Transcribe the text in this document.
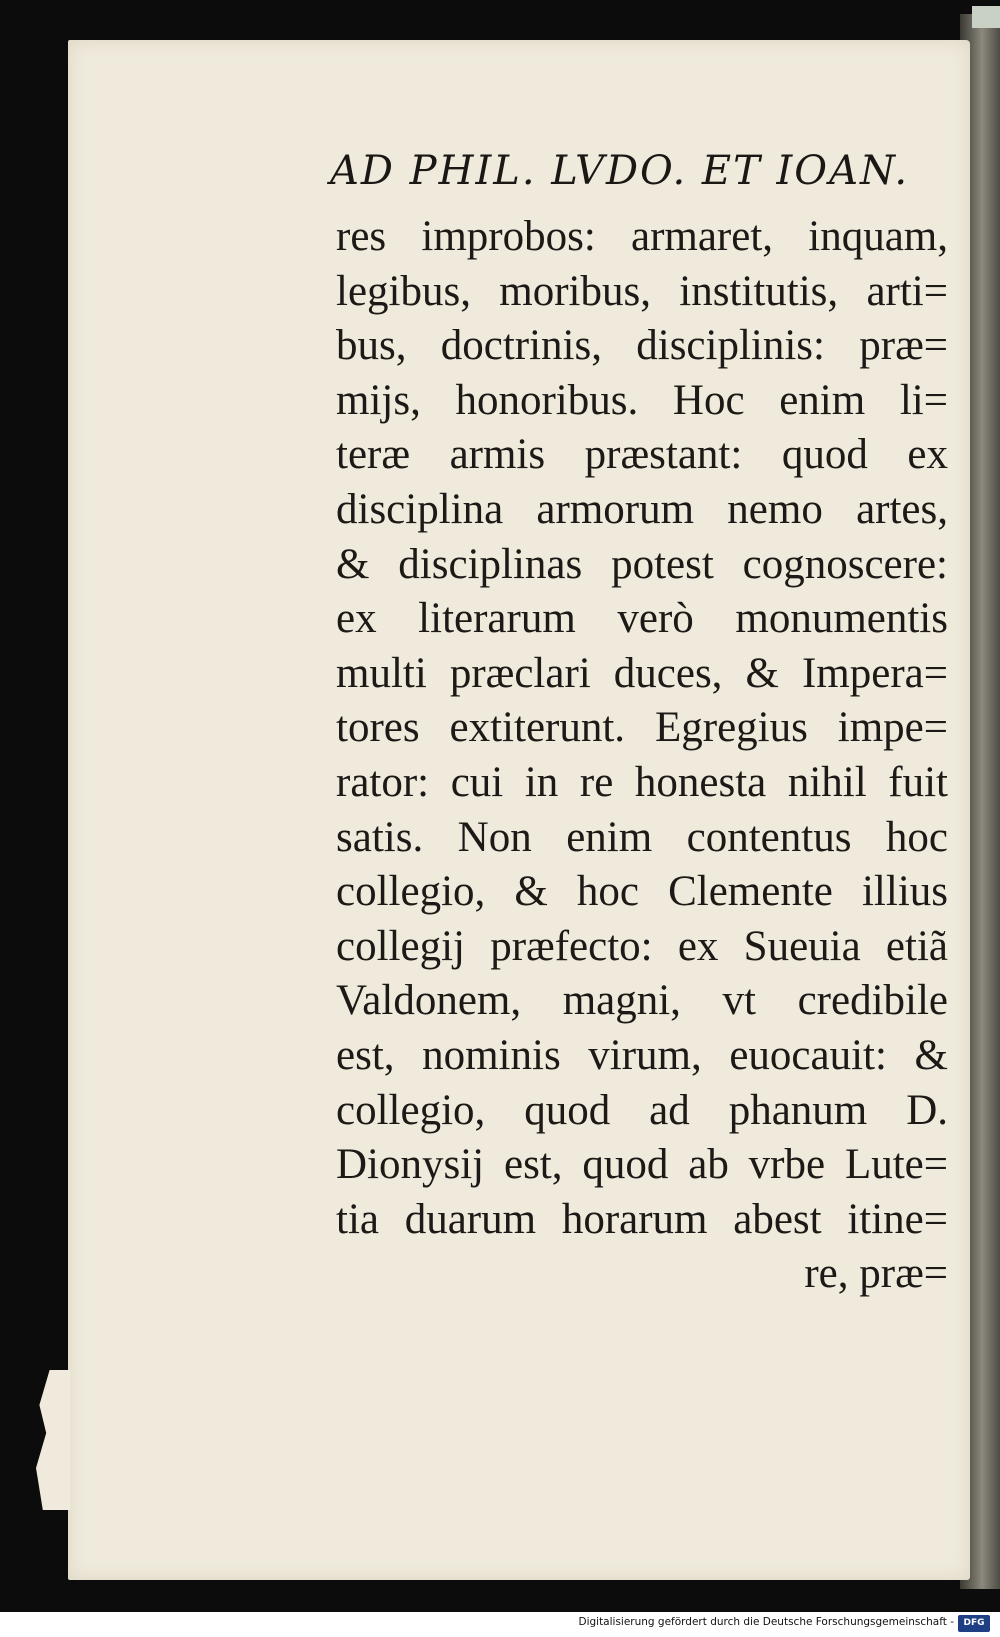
AD PHIL. LVDO. ET IOAN.
res improbos: armaret, inquam,
legibus, moribus, institutis, arti=
bus, doctrinis, disciplinis: præ=
mijs, honoribus. Hoc enim li=
teræ armis præstant: quod ex
disciplina armorum nemo artes,
& disciplinas potest cognoscere:
ex literarum verò monumentis
multi præclari duces, & Impera=
tores extiterunt. Egregius impe=
rator: cui in re honesta nihil fuit
satis. Non enim contentus hoc
collegio, & hoc Clemente illius
collegij præfecto: ex Sueuia etiã
Valdonem, magni, vt credibile
est, nominis virum, euocauit: &
collegio, quod ad phanum D.
Dionysij est, quod ab vrbe Lute=
tia duarum horarum abest itine=
re, præ=
Digitalisierung gefördert durch die Deutsche Forschungsgemeinschaft -	DFG
